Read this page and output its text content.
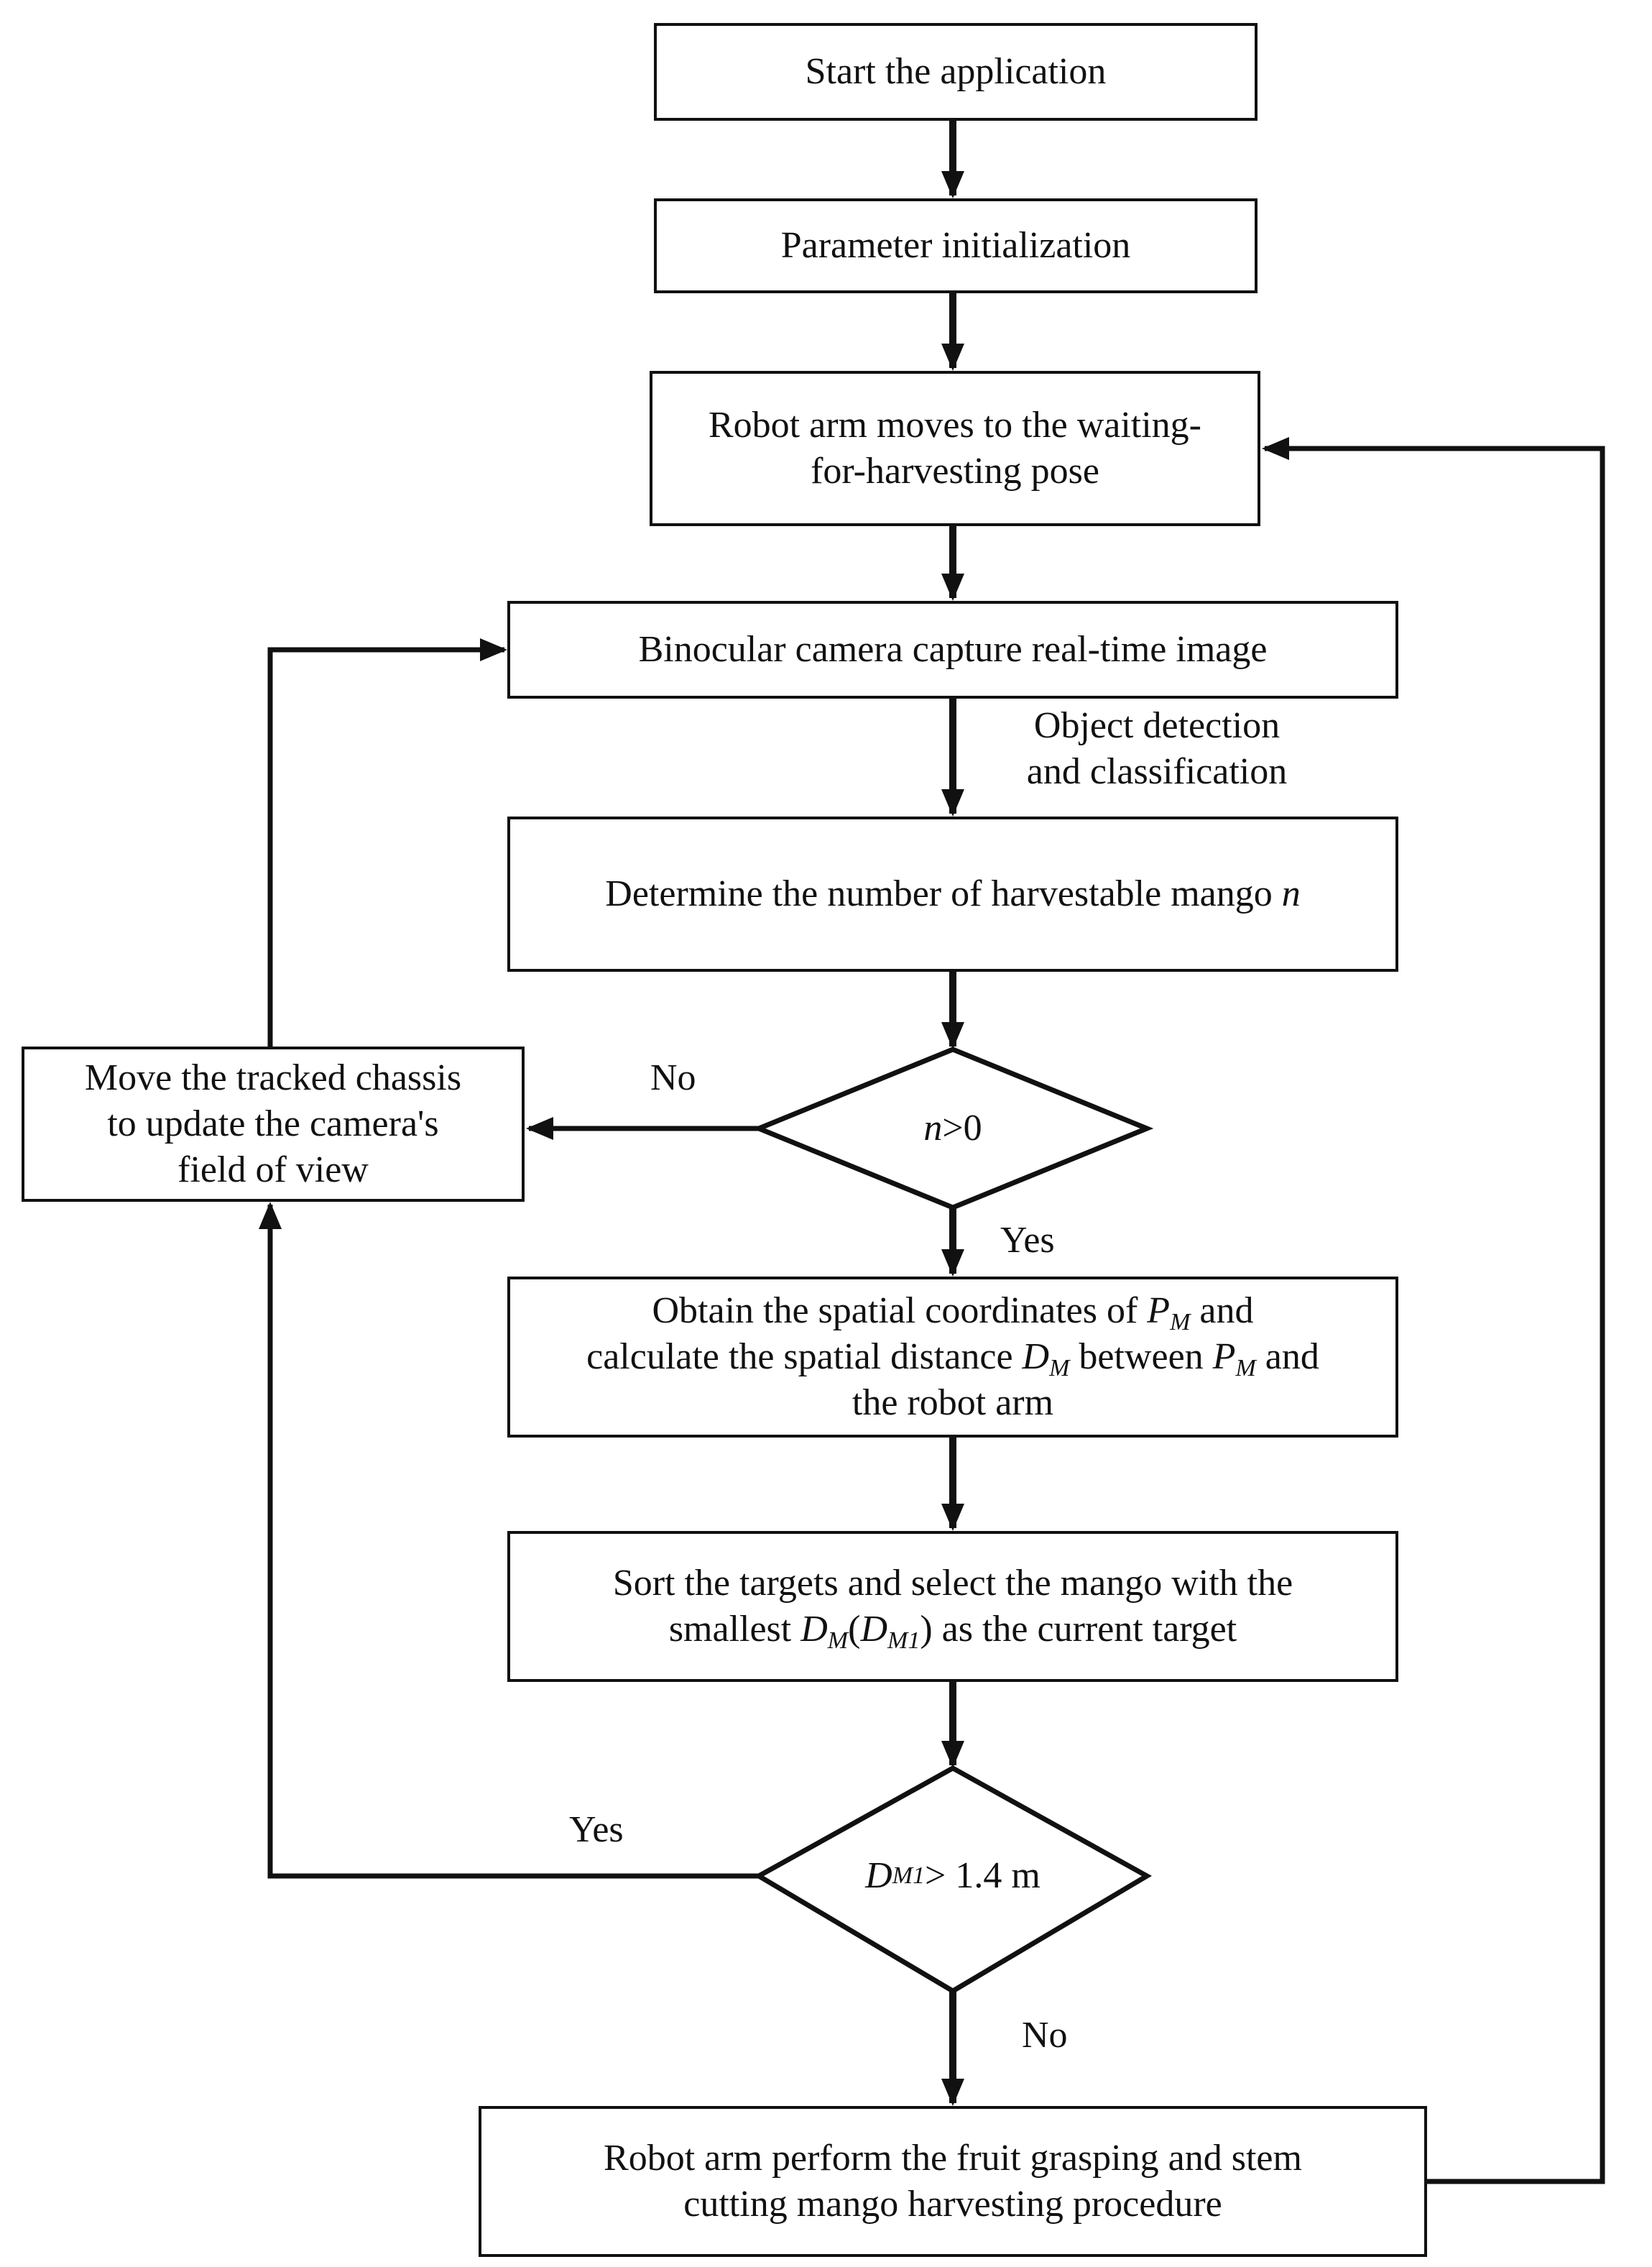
Start the application
Parameter initialization
Robot arm moves to the waiting-
for-harvesting pose
Binocular camera capture real-time image
Determine the number of harvestable mango n
Move the tracked chassis
to update the camera's
field of view
Obtain the spatial coordinates of $P_M$ and
calculate the spatial distance $D_M$ between $P_M$ and
the robot arm
Sort the targets and select the mango with the
smallest $D_M(D_{M1})$ as the current target
Robot arm perform the fruit grasping and stem
cutting mango harvesting procedure
n >0
D M1 > 1.4 m
Object detection
and classification
No
Yes
Yes
No
